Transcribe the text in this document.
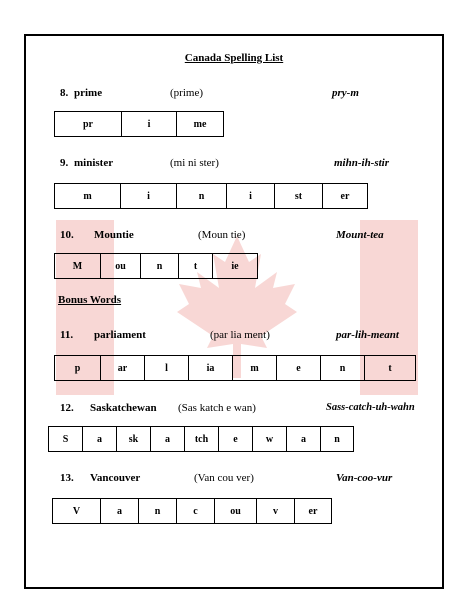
Canada Spelling List
8. prime	(prime)	pry-m
pr	i	me
9. minister	(mi ni ster)	mihn-ih-stir
m	i	n	i	st	er
10. Mountie	(Moun tie)	Mount-tea
M	ou	n	t	ie
Bonus Words
11. parliament	(par lia ment)	par-lih-meant
p	ar	l	ia	m	e	n	t
12. Saskatchewan (Sas katch e wan)	Sass-catch-uh-wahn
S	a	sk	a	tch	e	w	a	n
13. Vancouver	(Van cou ver)	Van-coo-vur
V	a	n	c	ou	v	er
